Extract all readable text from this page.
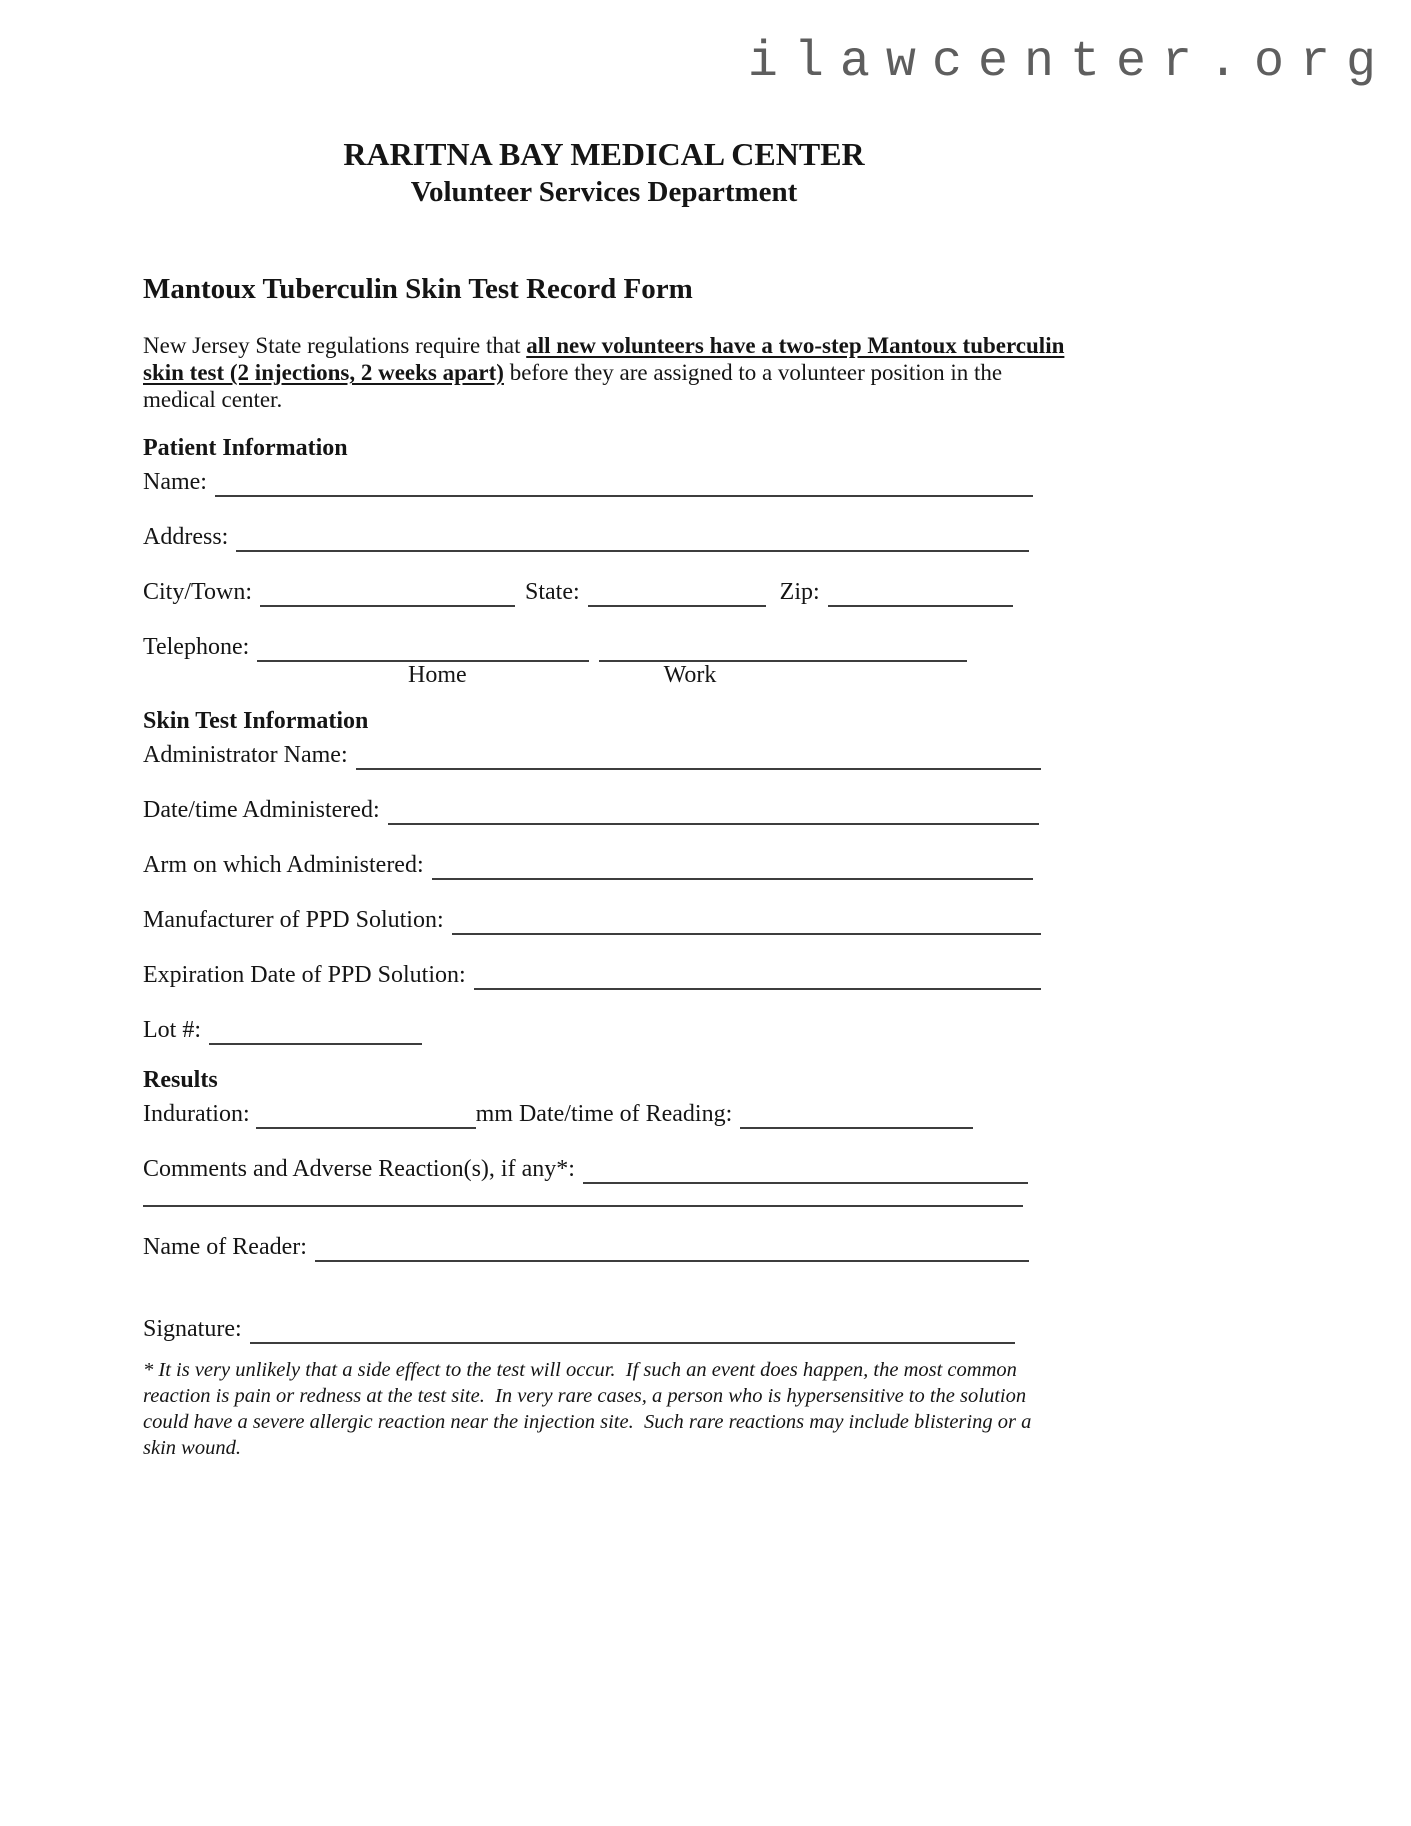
ilawcenter.org
RARITNA BAY MEDICAL CENTER
Volunteer Services Department
Mantoux Tuberculin Skin Test Record Form

New Jersey State regulations require that all new volunteers have a two-step Mantoux tuberculin skin test (2 injections, 2 weeks apart) before they are assigned to a volunteer position in the medical center.

Patient Information
Name:
Address:
City/Town:	State:	Zip:
Telephone:
Home	Work
Skin Test Information
Administrator Name:
Date/time Administered:
Arm on which Administered:
Manufacturer of PPD Solution:
Expiration Date of PPD Solution:
Lot #:
Results
Induration:	mm Date/time of Reading:
Comments and Adverse Reaction(s), if any*:
Name of Reader:
Signature:

* It is very unlikely that a side effect to the test will occur.  If such an event does happen, the most common reaction is pain or redness at the test site.  In very rare cases, a person who is hypersensitive to the solution could have a severe allergic reaction near the injection site.  Such rare reactions may include blistering or a skin wound.
